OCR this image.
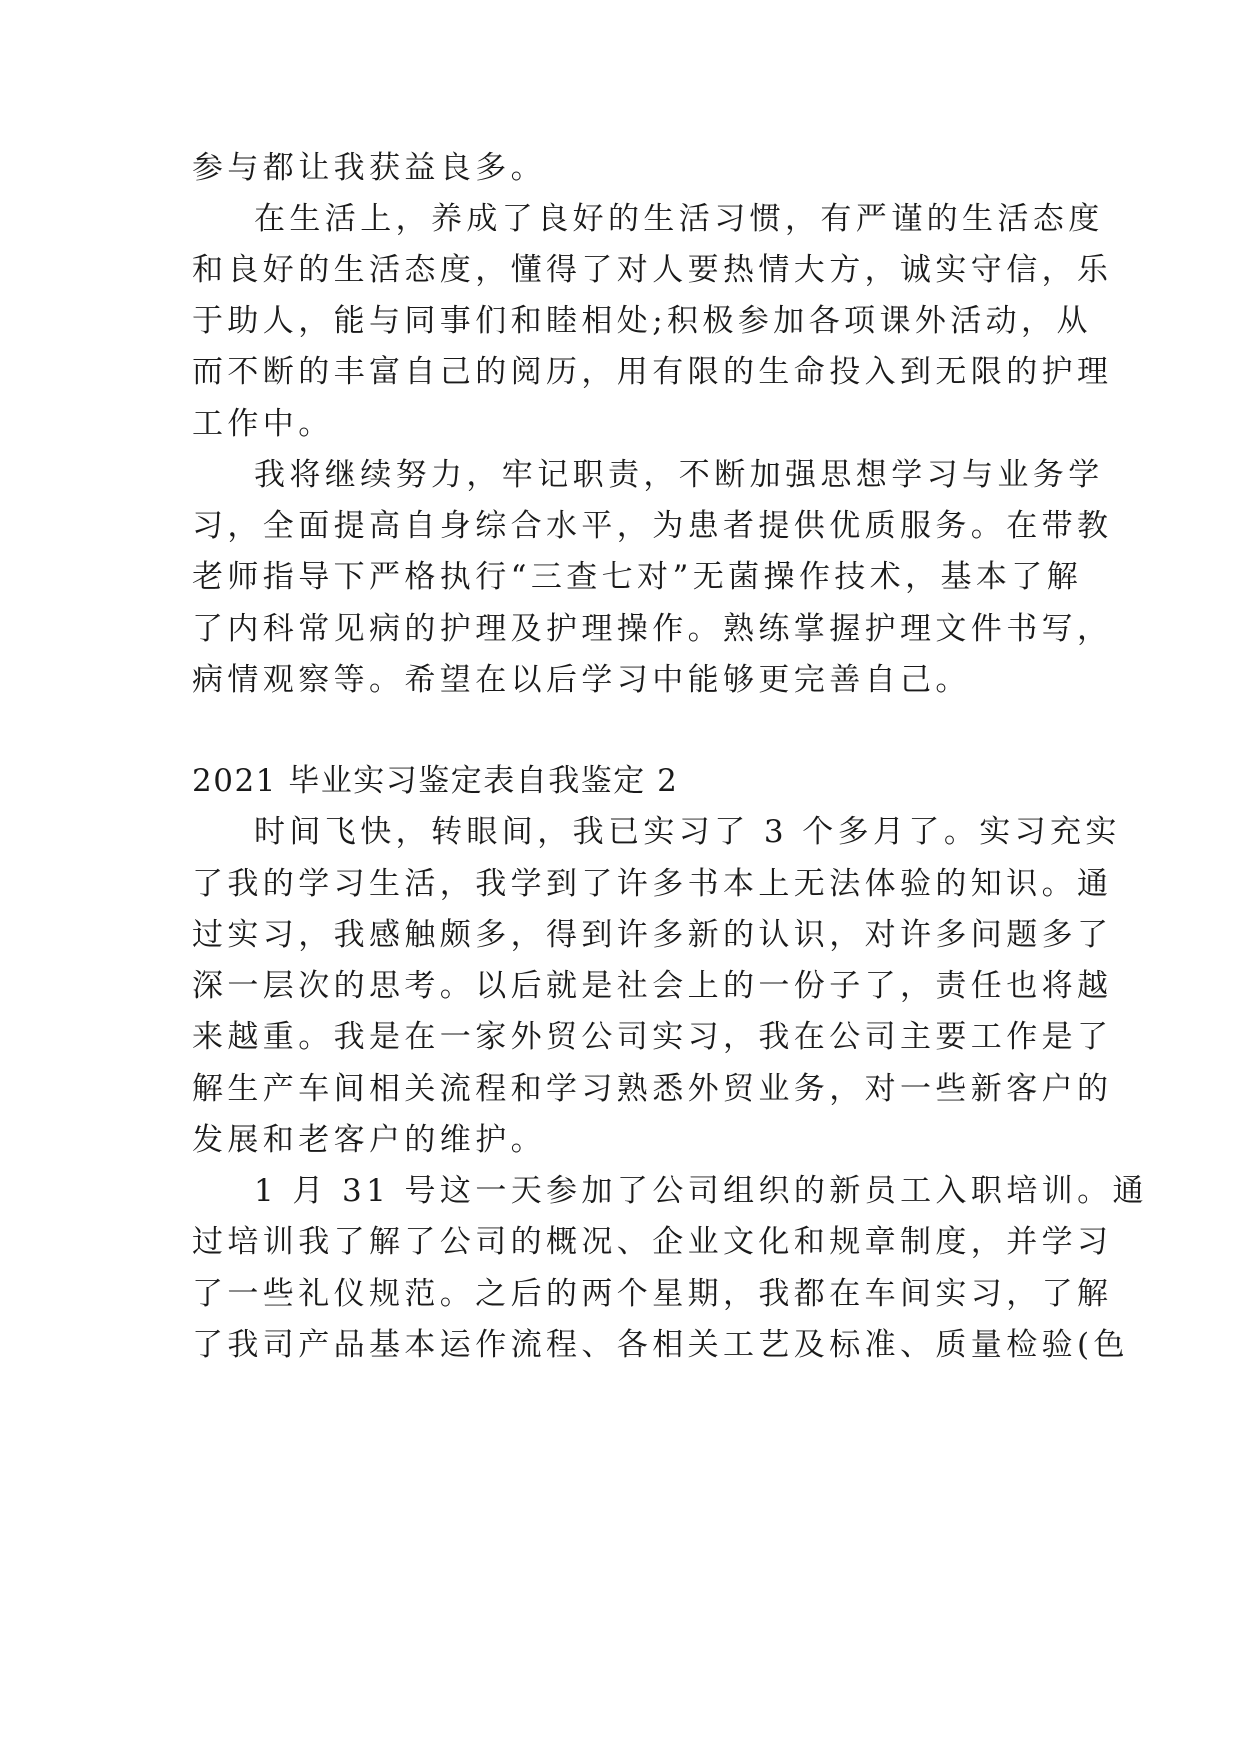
参与都让我获益良多。
在生活上，养成了良好的生活习惯，有严谨的生活态度
和良好的生活态度，懂得了对人要热情大方，诚实守信，乐
于助人，能与同事们和睦相处;积极参加各项课外活动，从
而不断的丰富自己的阅历，用有限的生命投入到无限的护理
工作中。
我将继续努力，牢记职责，不断加强思想学习与业务学
习，全面提高自身综合水平，为患者提供优质服务。在带教
老师指导下严格执行“三查七对”无菌操作技术，基本了解
了内科常见病的护理及护理操作。熟练掌握护理文件书写，
病情观察等。希望在以后学习中能够更完善自己。
2021 毕业实习鉴定表自我鉴定 2
时间飞快，转眼间，我已实习了 3 个多月了。实习充实
了我的学习生活，我学到了许多书本上无法体验的知识。通
过实习，我感触颇多，得到许多新的认识，对许多问题多了
深一层次的思考。以后就是社会上的一份子了，责任也将越
来越重。我是在一家外贸公司实习，我在公司主要工作是了
解生产车间相关流程和学习熟悉外贸业务，对一些新客户的
发展和老客户的维护。
1 月 31 号这一天参加了公司组织的新员工入职培训。通
过培训我了解了公司的概况、企业文化和规章制度，并学习
了一些礼仪规范。之后的两个星期，我都在车间实习，了解
了我司产品基本运作流程、各相关工艺及标准、质量检验(色
